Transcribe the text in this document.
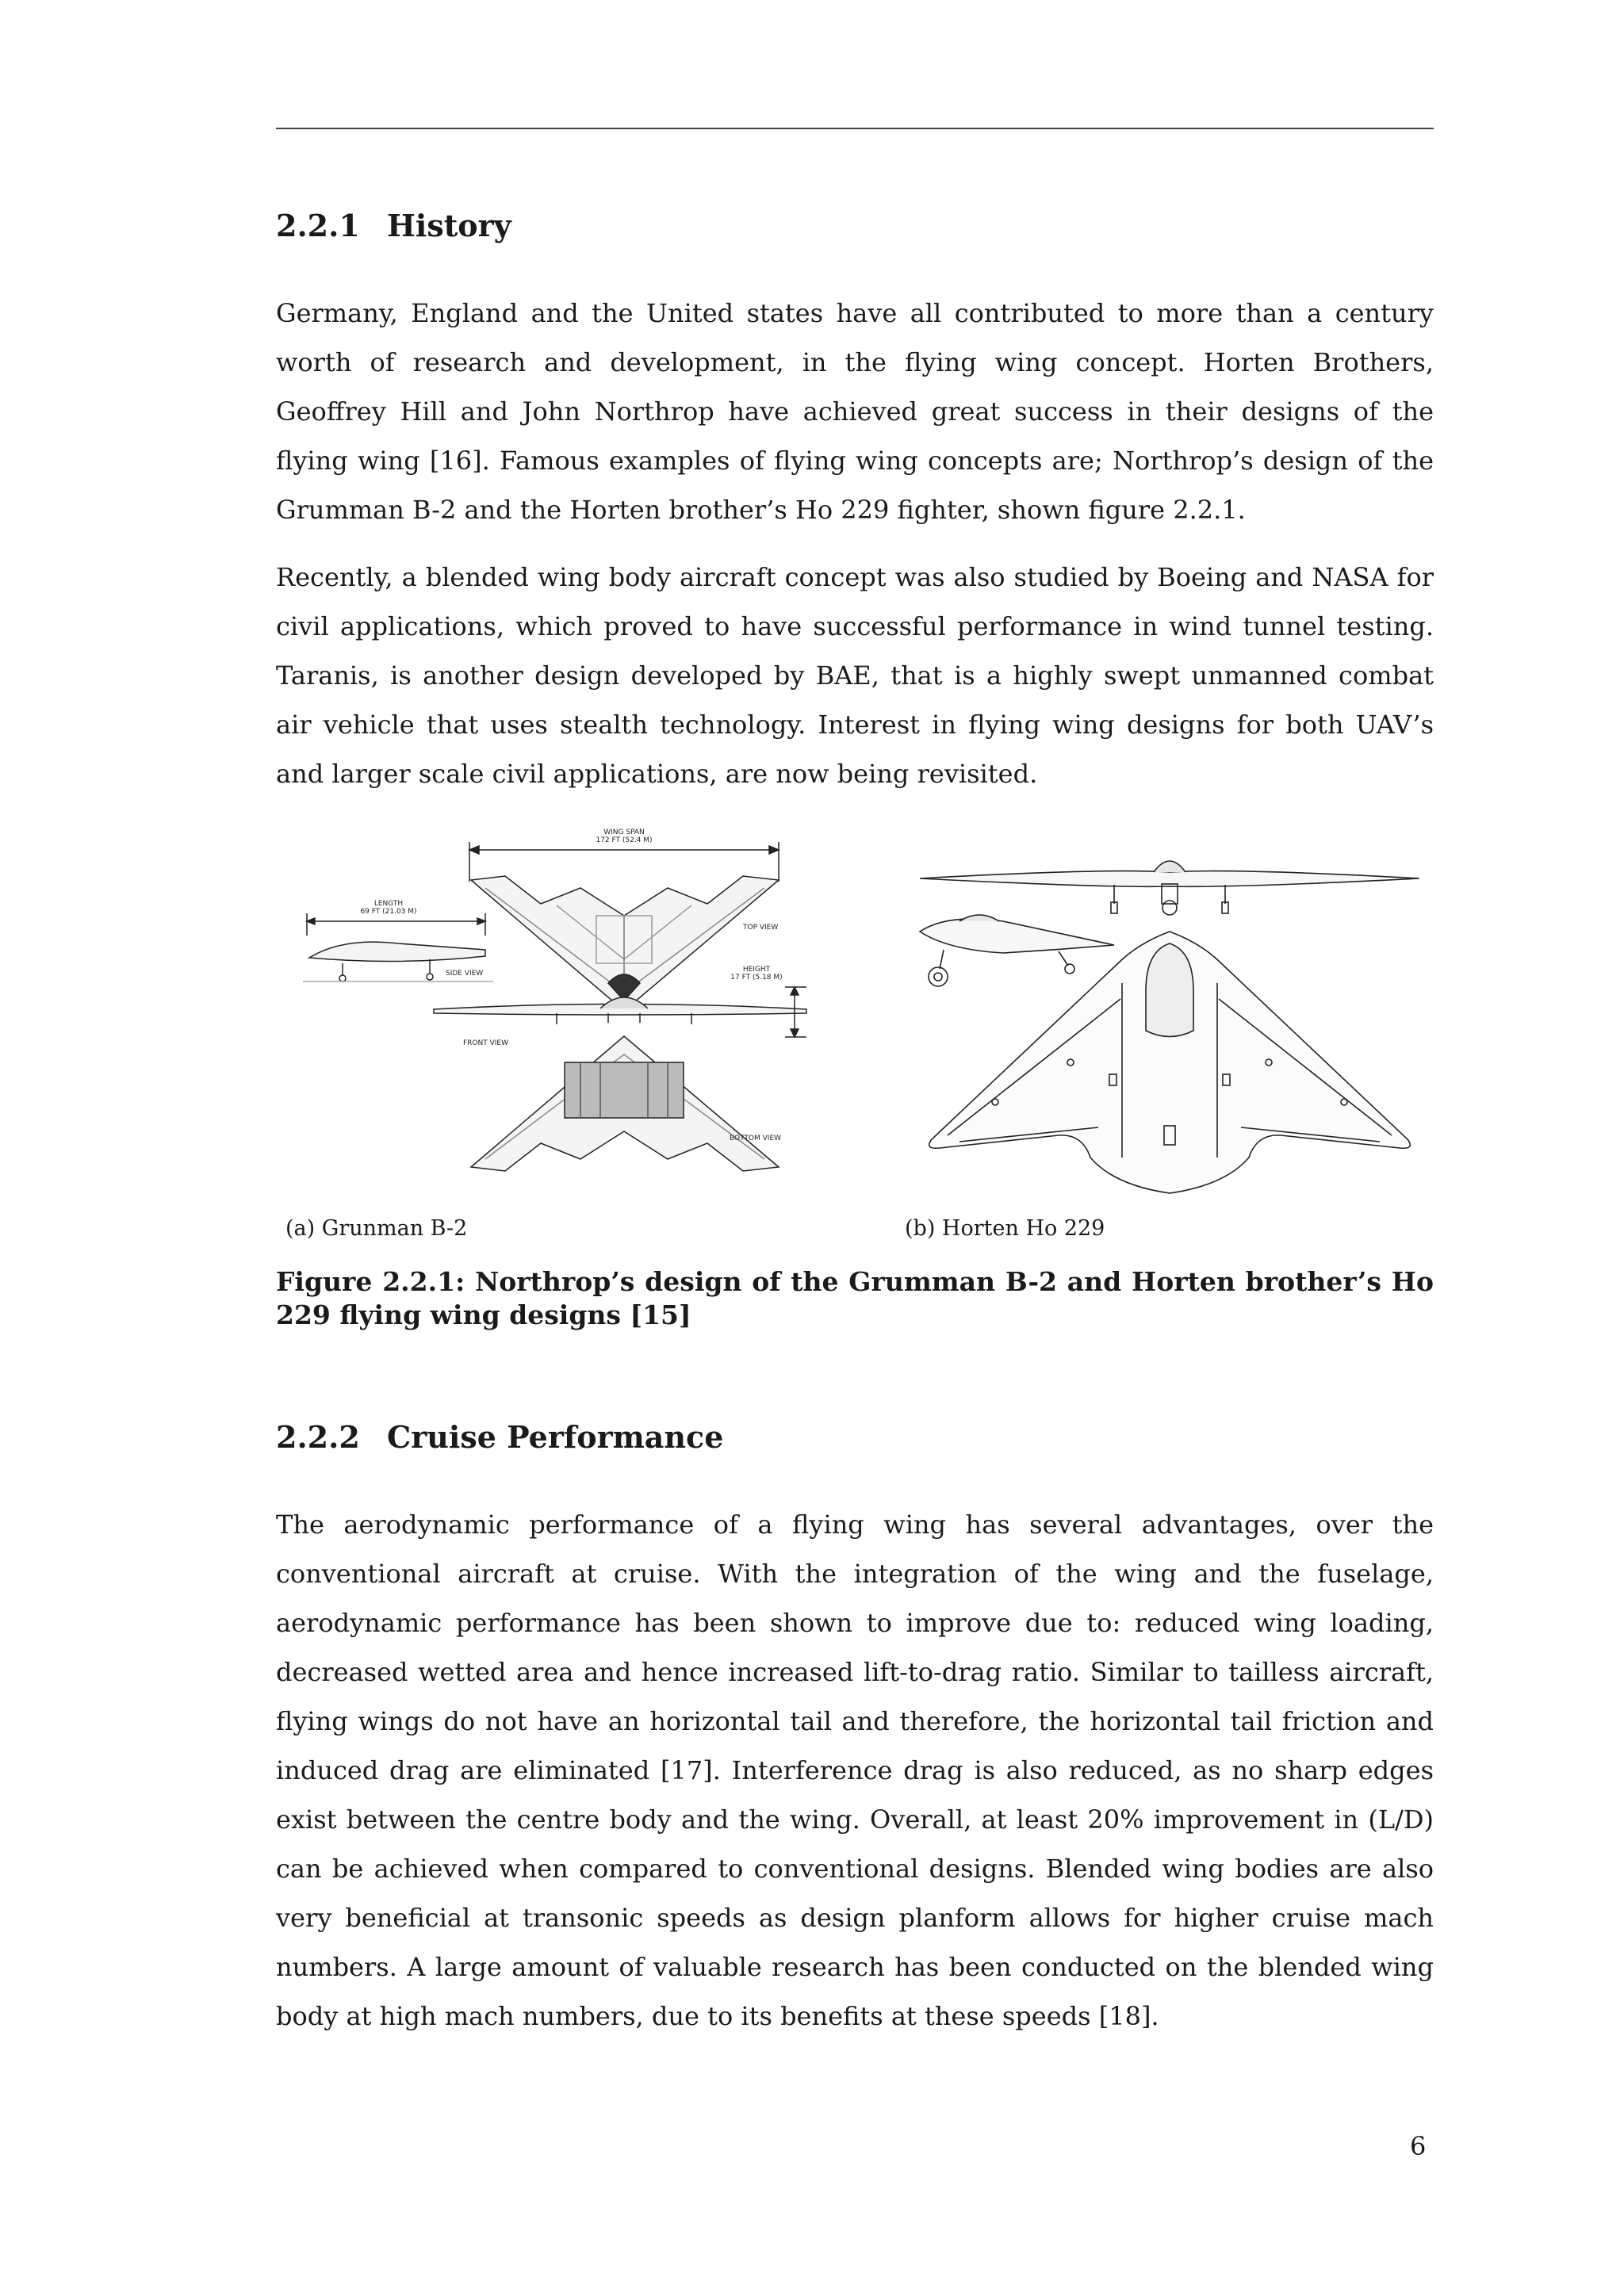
2.2.1 History

Germany, England and the United states have all contributed to more than a century worth of research and development, in the flying wing concept. Horten Brothers, Geoffrey Hill and John Northrop have achieved great success in their designs of the flying wing [16]. Famous examples of flying wing concepts are; Northrop’s design of the Grumman B-2 and the Horten brother’s Ho 229 fighter, shown figure 2.2.1.

Recently, a blended wing body aircraft concept was also studied by Boeing and NASA for civil applications, which proved to have successful performance in wind tunnel testing. Taranis, is another design developed by BAE, that is a highly swept unmanned combat air vehicle that uses stealth technology. Interest in flying wing designs for both UAV’s and larger scale civil applications, are now being revisited.

WING SPAN
172 FT (52.4 M)
LENGTH
69 FT (21.03 M)
TOP VIEW
SIDE VIEW	HEIGHT
17 FT (5.18 M)
FRONT VIEW
BOTTOM VIEW
(a) Grunman B-2	(b) Horten Ho 229

Figure 2.2.1: Northrop’s design of the Grumman B-2 and Horten brother’s Ho 229 flying wing designs [15]

2.2.2 Cruise Performance

The aerodynamic performance of a flying wing has several advantages, over the conventional aircraft at cruise. With the integration of the wing and the fuselage, aerodynamic performance has been shown to improve due to: reduced wing loading, decreased wetted area and hence increased lift-to-drag ratio. Similar to tailless aircraft, flying wings do not have an horizontal tail and therefore, the horizontal tail friction and induced drag are eliminated [17]. Interference drag is also reduced, as no sharp edges exist between the centre body and the wing. Overall, at least 20% improvement in (L/D) can be achieved when compared to conventional designs. Blended wing bodies are also very beneficial at transonic speeds as design planform allows for higher cruise mach numbers. A large amount of valuable research has been conducted on the blended wing body at high mach numbers, due to its benefits at these speeds [18].

6
